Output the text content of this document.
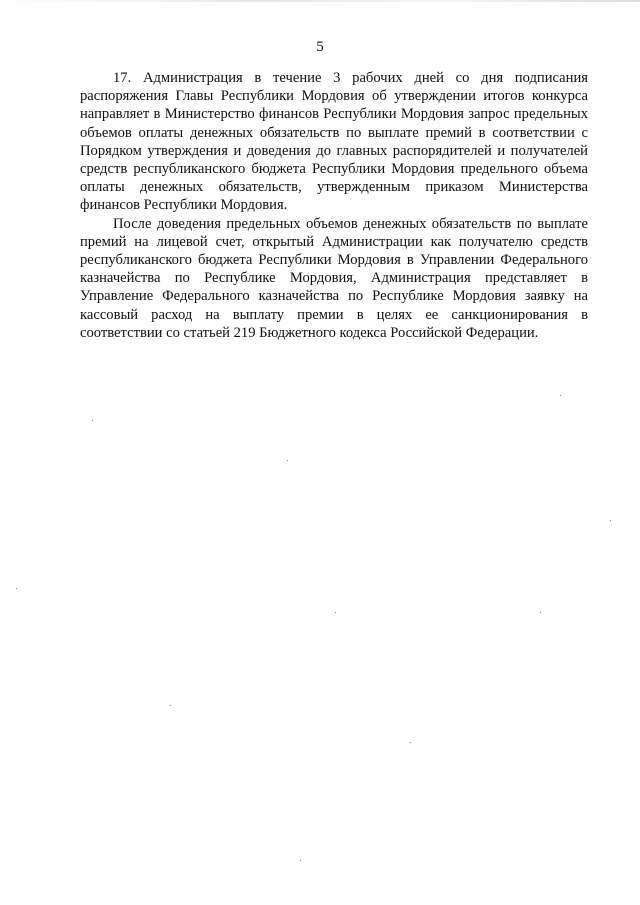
5

17. Администрация в течение 3 рабочих дней со дня подписания распоряжения Главы Республики Мордовия об утверждении итогов конкурса направляет в Министерство финансов Республики Мордовия запрос предельных объемов оплаты денежных обязательств по выплате премий в соответствии с Порядком утверждения и доведения до главных распорядителей и получателей средств республиканского бюджета Республики Мордовия предельного объема оплаты денежных обязательств, утвержденным приказом Министерства финансов Республики Мордовия.

После доведения предельных объемов денежных обязательств по выплате премий на лицевой счет, открытый Администрации как получателю средств республиканского бюджета Республики Мордовия в Управлении Федерального казначейства по Республике Мордовия, Администрация представляет в Управление Федерального казначейства по Республике Мордовия заявку на кассовый расход на выплату премии в целях ее санкционирования в соответствии со статьей 219 Бюджетного кодекса Российской Федерации.
